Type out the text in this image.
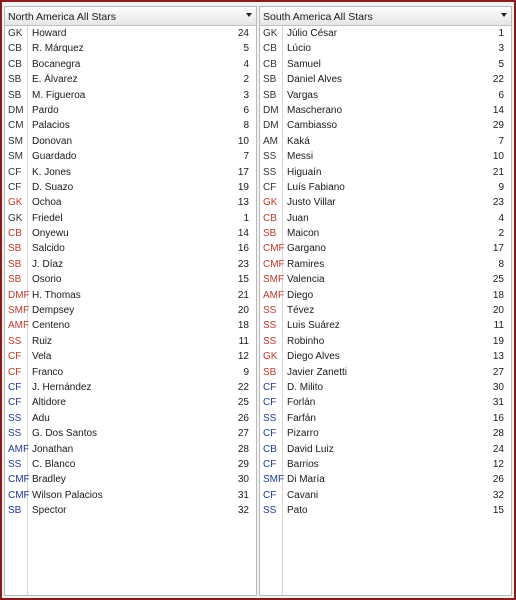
North America All Stars
GK Howard	24
CB	R. Márquez	5
CB	Bocanegra	4
SB	E. Álvarez	2
SB	M. Figueroa	3
DM Pardo	6
CM Palacios	8
SM Donovan	10
SM Guardado	7
CF	K. Jones	17
CF	D. Suazo	19
GK Ochoa	13
GK Friedel	1
CB	Onyewu	14
SB	Salcido	16
SB	J. Díaz	23
SB	Osorio	15
DMF H. Thomas	21
SMF Dempsey	20
AMF Centeno	18
SS	Ruiz	11
CF	Vela	12
CF	Franco	9
CF	J. Hernández	22
CF	Altidore	25
SS	Adu	26
SS	G. Dos Santos	27
AMF Jonathan	28
SS	C. Blanco	29
CMF Bradley	30
CMF Wilson Palacios	31
SB	Spector	32
South America All Stars
GK Júlio César	1
CB	Lúcio	3
CB	Samuel	5
SB	Daniel Alves	22
SB	Vargas	6
DM Mascherano	14
DM Cambiasso	29
AM Kaká	7
SS	Messi	10
SS	Higuaín	21
CF	Luís Fabiano	9
GK Justo Villar	23
CB	Juan	4
SB	Maicon	2
CMF Gargano	17
CMF Ramires	8
SMF Valencia	25
AMF Diego	18
SS	Tévez	20
SS	Luis Suárez	11
SS	Robinho	19
GK Diego Alves	13
SB	Javier Zanetti	27
CF	D. Milito	30
CF	Forlán	31
SS	Farfán	16
CF	Pizarro	28
CB	David Luiz	24
CF	Barrios	12
SMF Di María	26
CF	Cavani	32
SS	Pato	15
